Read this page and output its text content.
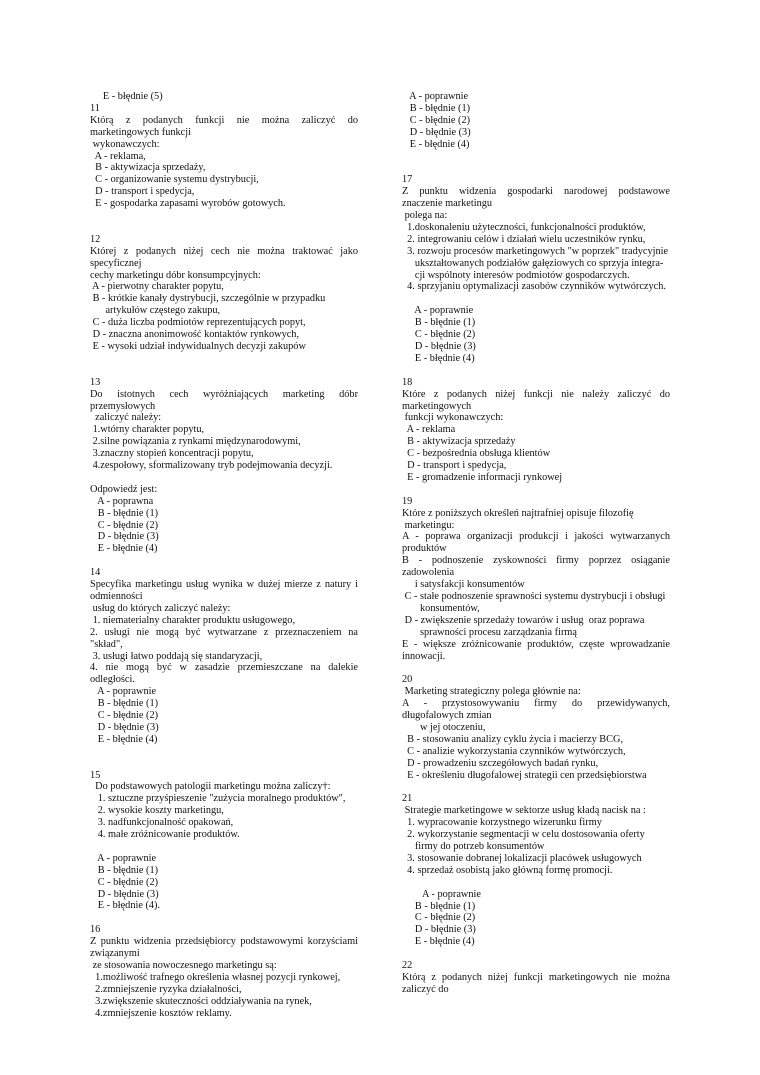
E - błędnie (5)
11
Którą z podanych funkcji nie można zaliczyć do
marketingowych funkcji
wykonawczych:
A - reklama,
B - aktywizacja sprzedaży,
C - organizowanie systemu dystrybucji,
D - transport i spedycja,
E - gospodarka zapasami wyrobów gotowych.
12
Której z podanych niżej cech nie można traktować jako
specyficznej
cechy marketingu dóbr konsumpcyjnych:
A - pierwotny charakter popytu,
B - krótkie kanały dystrybucji, szczególnie w przypadku
artykułów częstego zakupu,
C - duża liczba podmiotów reprezentujących popyt,
D - znaczna anonimowość kontaktów rynkowych,
E - wysoki udział indywidualnych decyzji zakupów
13
Do istotnych cech wyróżniających marketing dóbr
przemysłowych
zaliczyć należy:
1.wtórny charakter popytu,
2.silne powiązania z rynkami międzynarodowymi,
3.znaczny stopień koncentracji popytu,
4.zespołowy, sformalizowany tryb podejmowania decyzji.
Odpowiedź jest:
A - poprawna
B - błędnie (1)
C - błędnie (2)
D - błędnie (3)
E - błędnie (4)
14
Specyfika marketingu usług wynika w dużej mierze z natury i
odmienności
usług do których zaliczyć należy:
1. niematerialny charakter produktu usługowego,
2. usługi nie mogą być wytwarzane z przeznaczeniem na
"skład",
3. usługi łatwo poddają się standaryzacji,
4. nie mogą być w zasadzie przemieszczane na dalekie
odległości.
A - poprawnie
B - błędnie (1)
C - błędnie (2)
D - błędnie (3)
E - błędnie (4)
15
Do podstawowych patologii marketingu można zaliczy†:
1. sztuczne przyśpieszenie "zużycia moralnego produktów",
2. wysokie koszty marketingu,
3. nadfunkcjonalność opakowań,
4. małe zróżnicowanie produktów.
A - poprawnie
B - błędnie (1)
C - błędnie (2)
D - błędnie (3)
E - błędnie (4).
16
Z punktu widzenia przedsiębiorcy podstawowymi korzyściami
związanymi
ze stosowania nowoczesnego marketingu są:
1.możliwość trafnego określenia własnej pozycji rynkowej,
2.zmniejszenie ryzyka działalności,
3.zwiększenie skuteczności oddziaływania na rynek,
4.zmniejszenie kosztów reklamy.
A - poprawnie
B - błędnie (1)
C - błędnie (2)
D - błędnie (3)
E - błędnie (4)
17
Z punktu widzenia gospodarki narodowej podstawowe
znaczenie marketingu
polega na:
1.doskonaleniu użyteczności, funkcjonalności produktów,
2. integrowaniu celów i działań wielu uczestników rynku,
3. rozwoju procesów marketingowych "w poprzek" tradycyjnie
ukształtowanych podziałów gałęziowych co sprzyja integra-
cji wspólnoty interesów podmiotów gospodarczych.
4. sprzyjaniu optymalizacji zasobów czynników wytwórczych.
A - poprawnie
B - błędnie (1)
C - błędnie (2)
D - błędnie (3)
E - błędnie (4)
18
Które z podanych niżej funkcji nie należy zaliczyć do
marketingowych
funkcji wykonawczych:
A - reklama
B - aktywizacja sprzedaży
C - bezpośrednia obsługa klientów
D - transport i spedycja,
E - gromadzenie informacji rynkowej
19
Które z poniższych określeń najtrafniej opisuje filozofię
marketingu:
A - poprawa organizacji produkcji i jakości wytwarzanych
produktów
B - podnoszenie zyskowności firmy poprzez osiąganie
zadowolenia
i satysfakcji konsumentów
C - stałe podnoszenie sprawności systemu dystrybucji i obsługi
konsumentów,
D - zwiększenie sprzedaży towarów i usług  oraz poprawa
sprawności procesu zarządzania firmą
E - większe zróżnicowanie produktów, częste wprowadzanie
innowacji.
20
Marketing strategiczny polega głównie na:
A - przystosowywaniu firmy do przewidywanych,
długofalowych zmian
w jej otoczeniu,
B - stosowaniu analizy cyklu życia i macierzy BCG,
C - analizie wykorzystania czynników wytwórczych,
D - prowadzeniu szczegółowych badań rynku,
E - określeniu długofalowej strategii cen przedsiębiorstwa
21
Strategie marketingowe w sektorze usług kładą nacisk na :
1. wypracowanie korzystnego wizerunku firmy
2. wykorzystanie segmentacji w celu dostosowania oferty
firmy do potrzeb konsumentów
3. stosowanie dobranej lokalizacji placówek usługowych
4. sprzedaż osobistą jako główną formę promocji.
A - poprawnie
B - błędnie (1)
C - błędnie (2)
D - błędnie (3)
E - błędnie (4)
22
Którą z podanych niżej funkcji marketingowych nie można
zaliczyć do
